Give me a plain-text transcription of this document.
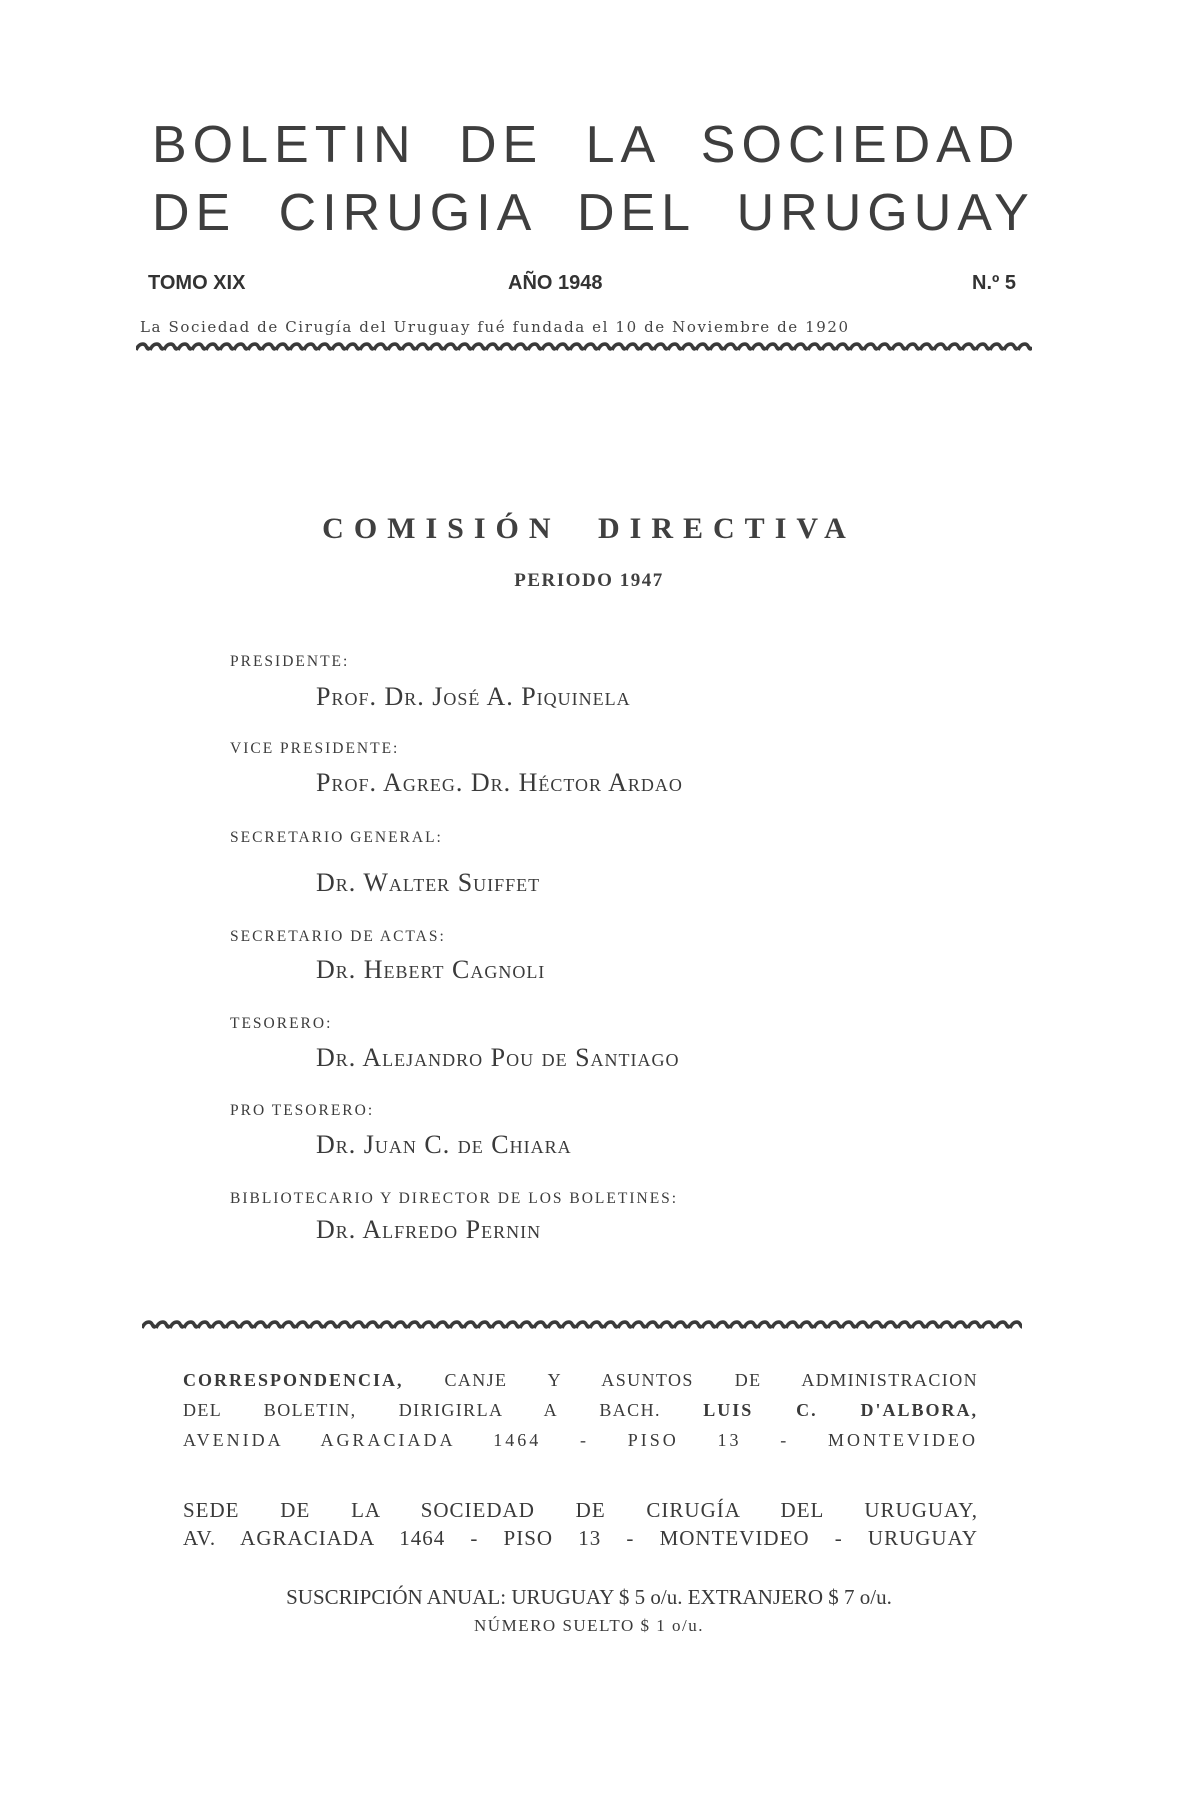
BOLETIN DE LA SOCIEDAD
DE CIRUGIA DEL URUGUAY
TOMO XIX	AÑO 1948	N.º 5
La Sociedad de Cirugía del Uruguay fué fundada el 10 de Noviembre de 1920
COMISIÓN DIRECTIVA
PERIODO 1947
PRESIDENTE:
Prof. Dr. José A. Piquinela
VICE PRESIDENTE:
Prof. Agreg. Dr. Héctor Ardao
SECRETARIO GENERAL:
Dr. Walter Suiffet
SECRETARIO DE ACTAS:
Dr. Hebert Cagnoli
TESORERO:
Dr. Alejandro Pou de Santiago
PRO TESORERO:
Dr. Juan C. de Chiara
BIBLIOTECARIO Y DIRECTOR DE LOS BOLETINES:
Dr. Alfredo Pernin
CORRESPONDENCIA, CANJE Y ASUNTOS DE ADMINISTRACION
DEL BOLETIN, DIRIGIRLA A BACH. LUIS C. D'ALBORA,
AVENIDA AGRACIADA 1464 - PISO 13 - MONTEVIDEO
SEDE DE LA SOCIEDAD DE CIRUGÍA DEL URUGUAY,
AV. AGRACIADA 1464 - PISO 13 - MONTEVIDEO - URUGUAY
SUSCRIPCIÓN ANUAL: URUGUAY $ 5 o/u. EXTRANJERO $ 7 o/u.
NÚMERO SUELTO $ 1 o/u.
